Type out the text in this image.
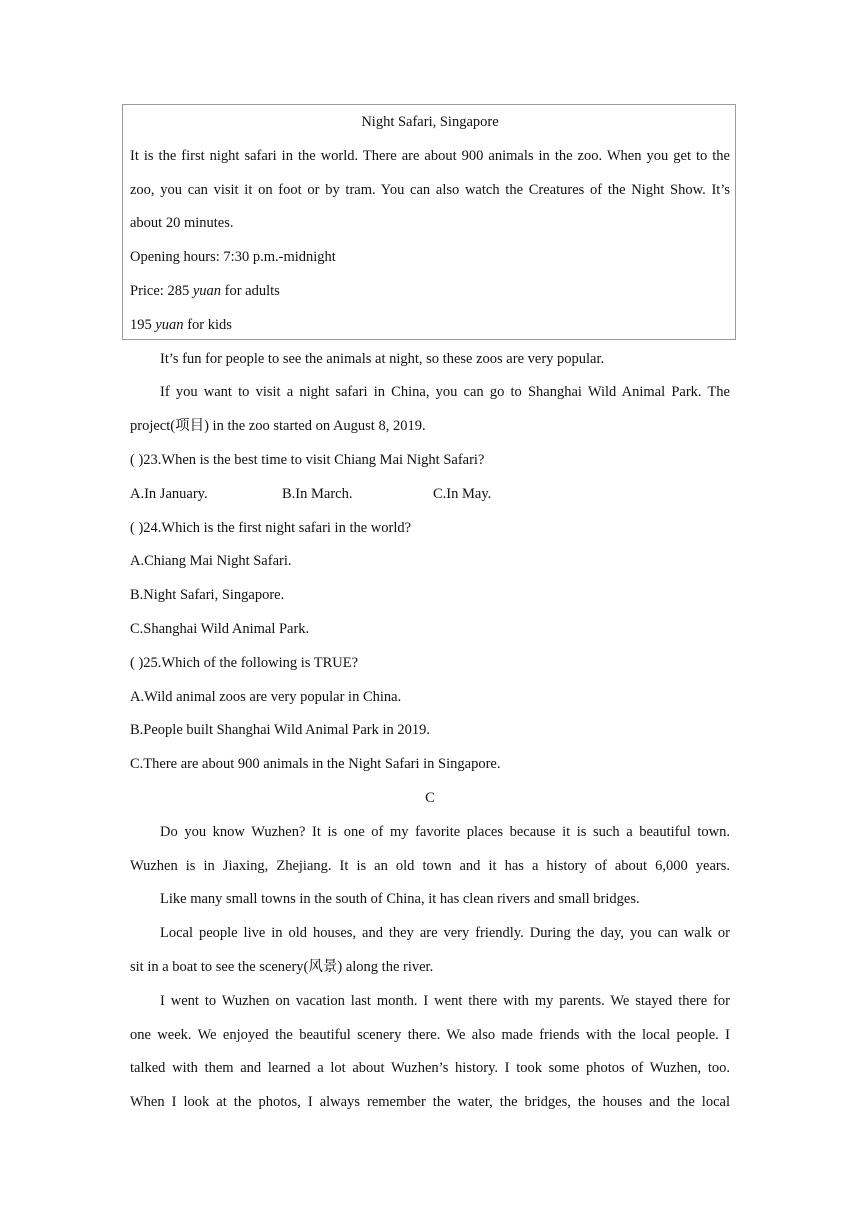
Night Safari, Singapore
It is the first night safari in the world. There are about 900 animals in the zoo. When you get to the
zoo, you can visit it on foot or by tram. You can also watch the Creatures of the Night Show. It’s
about 20 minutes.
Opening hours: 7:30 p.m.-midnight
Price: 285 yuan for adults
195 yuan for kids
It’s fun for people to see the animals at night, so these zoos are very popular.
If you want to visit a night safari in China, you can go to Shanghai Wild Animal Park. The
project(项目) in the zoo started on August 8, 2019.
( )23.When is the best time to visit Chiang Mai Night Safari?
A.In January.	B.In March.	C.In May.
( )24.Which is the first night safari in the world?
A.Chiang Mai Night Safari.
B.Night Safari, Singapore.
C.Shanghai Wild Animal Park.
( )25.Which of the following is TRUE?
A.Wild animal zoos are very popular in China.
B.People built Shanghai Wild Animal Park in 2019.
C.There are about 900 animals in the Night Safari in Singapore.
C
Do you know Wuzhen? It is one of my favorite places because it is such a beautiful town.
Wuzhen is in Jiaxing, Zhejiang. It is an old town and it has a history of about 6,000 years.
Like many small towns in the south of China, it has clean rivers and small bridges.
Local people live in old houses, and they are very friendly. During the day, you can walk or
sit in a boat to see the scenery(风景) along the river.
I went to Wuzhen on vacation last month. I went there with my parents. We stayed there for
one week. We enjoyed the beautiful scenery there. We also made friends with the local people. I
talked with them and learned a lot about Wuzhen’s history. I took some photos of Wuzhen, too.
When I look at the photos, I always remember the water, the bridges, the houses and the local
